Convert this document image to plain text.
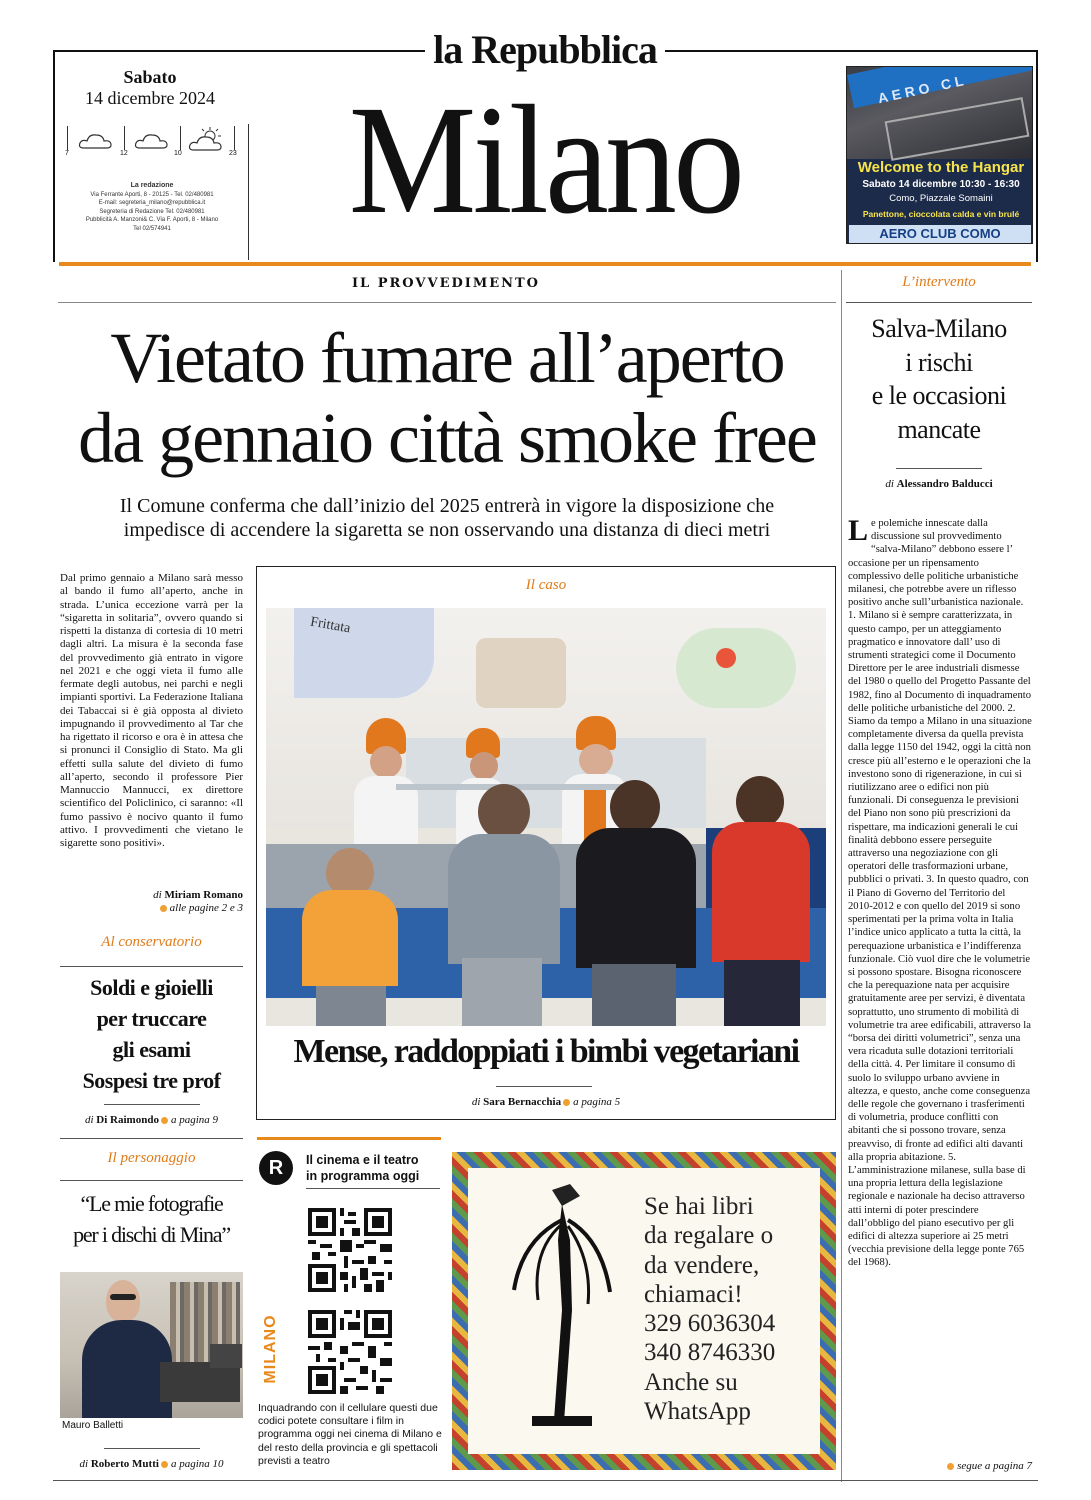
la Repubblica
Milano
Sabato
14 dicembre 2024
7	12	10	23
La redazione
Via Ferrante Aporti, 8 - 20125 - Tel. 02/480981
E-mail: segreteria_milano@repubblica.it
Segreteria di Redazione Tel. 02/480981
Pubblicità A. Manzoni& C. Via F. Aporti, 8 - Milano
Tel 02/574941
AERO CL
Welcome to the Hangar
Sabato 14 dicembre 10:30 - 16:30
Como, Piazzale Somaini
Panettone, cioccolata calda e vin brulé
AERO CLUB COMO
IL PROVVEDIMENTO
Vietato fumare all’aperto
da gennaio città smoke free
Il Comune conferma che dall’inizio del 2025 entrerà in vigore la disposizione che
impedisce di accendere la sigaretta se non osservando una distanza di dieci metri
Dal primo gennaio a Milano sarà messo al bando il fumo all’aperto, anche in strada. L’unica eccezione varrà per la “sigaretta in solitaria”, ovvero quando si rispetti la distanza di cortesia di 10 metri dagli altri. La misura è la seconda fase del provvedimento già entrato in vigore nel 2021 e che oggi vieta il fumo alle fermate degli autobus, nei parchi e negli impianti sportivi. La Federazione Italiana dei Tabaccai si è già opposta al divieto impugnando il provvedimento al Tar che ha rigettato il ricorso e ora è in attesa che si pronunci il Consiglio di Stato. Ma gli effetti sulla salute del divieto di fumo all’aperto, secondo il professore Pier Mannuccio Mannucci, ex direttore scientifico del Policlinico, ci saranno: «Il fumo passivo è nocivo quanto il fumo attivo. I provvedimenti che vietano le sigarette sono positivi».
di Miriam Romano
alle pagine 2 e 3
Al conservatorio
Soldi e gioielli
per truccare
gli esami
Sospesi tre prof
di Di Raimondo a pagina 9
Il personaggio
“Le mie fotografie
per i dischi di Mina”
Mauro Balletti
di Roberto Mutti a pagina 10
Il caso
Frittata
Mense, raddoppiati i bimbi vegetariani
di Sara Bernacchia a pagina 5
R	Il cinema e il teatro
in programma oggi
MILANO
Inquadrando con il cellulare questi due codici potete consultare i film in programma oggi nei cinema di Milano e del resto della provincia e gli spettacoli previsti a teatro
Se hai libri
da regalare o
da vendere,
chiamaci!
329 6036304
340 8746330
Anche su
WhatsApp
L’intervento
Salva-Milano
i rischi
e le occasioni
mancate
di Alessandro Balducci
Le polemiche innescate dalla discussione sul provvedimento “salva-Milano” debbono essere l’ occasione per un ripensamento complessivo delle politiche urbanistiche milanesi, che potrebbe avere un riflesso positivo anche sull’urbanistica nazionale. 1. Milano si è sempre caratterizzata, in questo campo, per un atteggiamento pragmatico e innovatore dall’ uso di strumenti strategici come il Documento Direttore per le aree industriali dismesse del 1980 o quello del Progetto Passante del 1982, fino al Documento di inquadramento delle politiche urbanistiche del 2000. 2. Siamo da tempo a Milano in una situazione completamente diversa da quella prevista dalla legge 1150 del 1942, oggi la città non cresce più all’esterno e le operazioni che la investono sono di rigenerazione, in cui si riutilizzano aree o edifici non più funzionali. Di conseguenza le previsioni del Piano non sono più prescrizioni da rispettare, ma indicazioni generali le cui finalità debbono essere perseguite attraverso una negoziazione con gli operatori delle trasformazioni urbane, pubblici o privati. 3. In questo quadro, con il Piano di Governo del Territorio del 2010-2012 e con quello del 2019 si sono sperimentati per la prima volta in Italia l’indice unico applicato a tutta la città, la perequazione urbanistica e l’indifferenza funzionale. Ciò vuol dire che le volumetrie si possono spostare. Bisogna riconoscere che la perequazione nata per acquisire gratuitamente aree per servizi, è diventata soprattutto, uno strumento di mobilità di volumetrie tra aree edificabili, attraverso la “borsa dei diritti volumetrici”, senza una vera ricaduta sulle dotazioni territoriali della città. 4. Per limitare il consumo di suolo lo sviluppo urbano avviene in altezza, e questo, anche come conseguenza delle regole che governano i trasferimenti di volumetria, produce conflitti con abitanti che si possono trovare, senza preavviso, di fronte ad edifici alti davanti alla propria abitazione. 5. L’amministrazione milanese, sulla base di una propria lettura della legislazione regionale e nazionale ha deciso attraverso atti interni di poter prescindere dall’obbligo del piano esecutivo per gli edifici di altezza superiore ai 25 metri (vecchia previsione della legge ponte 765 del 1968).
segue a pagina 7
